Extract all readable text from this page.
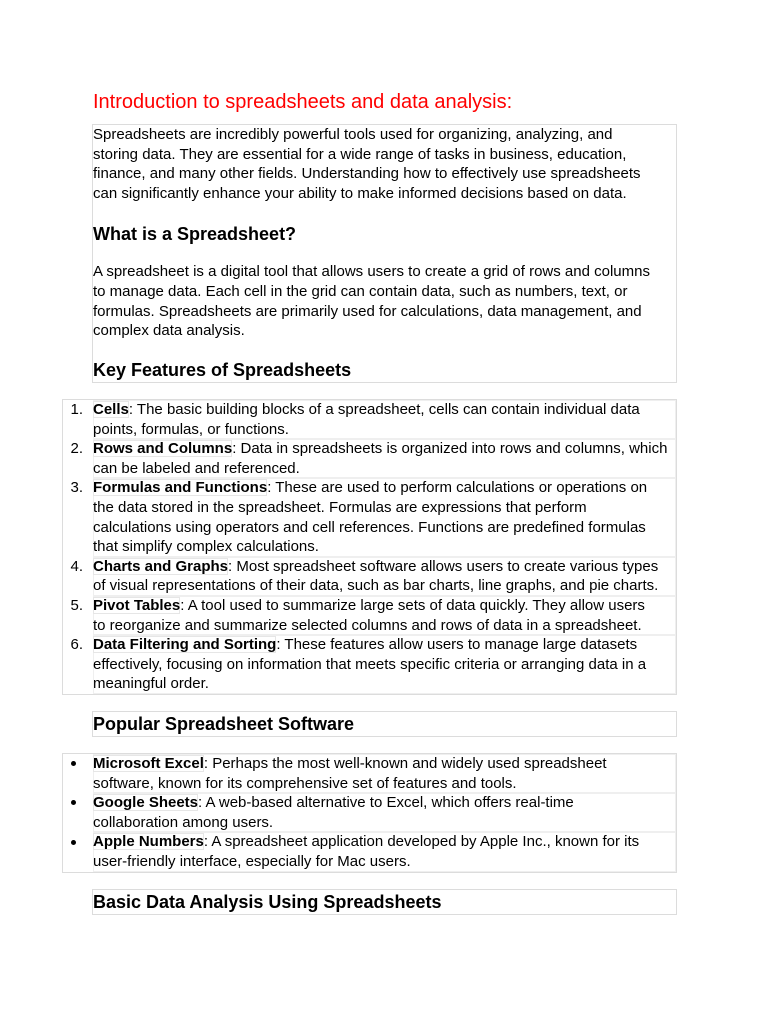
Introduction to spreadsheets and data analysis:

Spreadsheets are incredibly powerful tools used for organizing, analyzing, and
storing data. They are essential for a wide range of tasks in business, education,
finance, and many other fields. Understanding how to effectively use spreadsheets
can significantly enhance your ability to make informed decisions based on data.

What is a Spreadsheet?

A spreadsheet is a digital tool that allows users to create a grid of rows and columns
to manage data. Each cell in the grid can contain data, such as numbers, text, or
formulas. Spreadsheets are primarily used for calculations, data management, and
complex data analysis.

Key Features of Spreadsheets
1. Cells: The basic building blocks of a spreadsheet, cells can contain individual data
points, formulas, or functions.
2. Rows and Columns: Data in spreadsheets is organized into rows and columns, which
can be labeled and referenced.
3. Formulas and Functions: These are used to perform calculations or operations on
the data stored in the spreadsheet. Formulas are expressions that perform
calculations using operators and cell references. Functions are predefined formulas
that simplify complex calculations.
4. Charts and Graphs: Most spreadsheet software allows users to create various types
of visual representations of their data, such as bar charts, line graphs, and pie charts.
5. Pivot Tables: A tool used to summarize large sets of data quickly. They allow users
to reorganize and summarize selected columns and rows of data in a spreadsheet.
6. Data Filtering and Sorting: These features allow users to manage large datasets
effectively, focusing on information that meets specific criteria or arranging data in a
meaningful order.
Popular Spreadsheet Software
Microsoft Excel: Perhaps the most well-known and widely used spreadsheet
software, known for its comprehensive set of features and tools.
Google Sheets: A web-based alternative to Excel, which offers real-time
collaboration among users.
Apple Numbers: A spreadsheet application developed by Apple Inc., known for its
user-friendly interface, especially for Mac users.
Basic Data Analysis Using Spreadsheets
